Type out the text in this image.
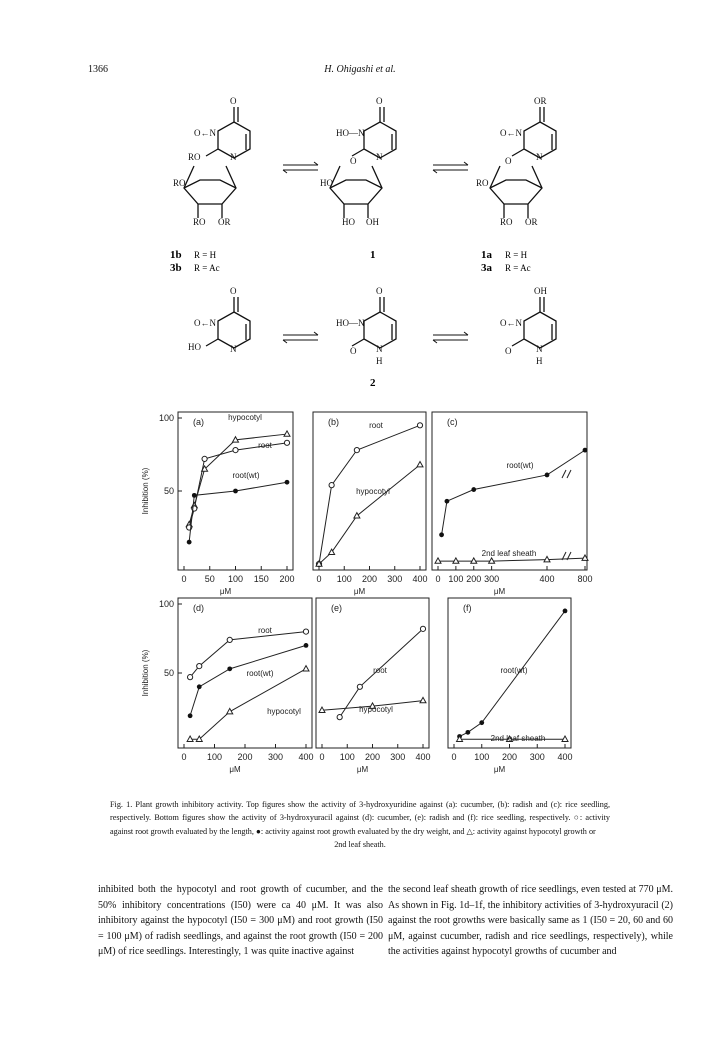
1366	H. Ohigashi et al.
O
O←N
RO	N
RO
RO OR
O
HO—N
O N
HO
HO OH
OR
O←N
O	N
RO
RO OR
1b R = H
3b R = Ac
1	1a R = H
3a R = Ac
2
O
O←N
HO	N
O
HO—N
O N
H
OH
O←N
O	N
H
(a)
0 50 100 150 200
μM
50
100
Inhibition (%)
hypocotyl
root
root(wt)
(b)
0 100 200 300 400
μM
root
hypocotyl
(c)
0 100 200 300	400	800
μM
root(wt)
2nd leaf sheath
(d)
0 100 200 300 400
μM
50
100
Inhibition (%)
root
root(wt)
hypocotyl
(e)
0 100 200 300 400
μM
root
hypocotyl
(f)
0 100 200 300 400
μM
root(wt)
2nd leaf sheath
Fig. 1. Plant growth inhibitory activity. Top figures show the activity of 3-hydroxyuridine against (a): cucumber, (b): radish and (c): rice seedling, respectively. Bottom figures show the activity of 3-hydroxyuracil against (d): cucumber, (e): radish and (f): rice seedling, respectively. ○: activity against root growth evaluated by the length, ●: activity against root growth evaluated by the dry weight, and △: activity against hypocotyl growth or
2nd leaf sheath.
inhibited both the hypocotyl and root growth of cucumber, and the 50% inhibitory concentrations (I50) were ca 40 μM. It was also inhibitory against the hypocotyl (I50 = 300 μM) and root growth (I50 = 100 μM) of radish seedlings, and against the root growth (I50 = 200 μM) of rice seedlings. Interestingly, 1 was quite inactive against
the second leaf sheath growth of rice seedlings, even tested at 770 μM. As shown in Fig. 1d–1f, the inhibitory activities of 3-hydroxyuracil (2) against the root growths were basically same as 1 (I50 = 20, 60 and 60 μM, against cucumber, radish and rice seedlings, respectively), while the activities against hypocotyl growths of cucumber and
